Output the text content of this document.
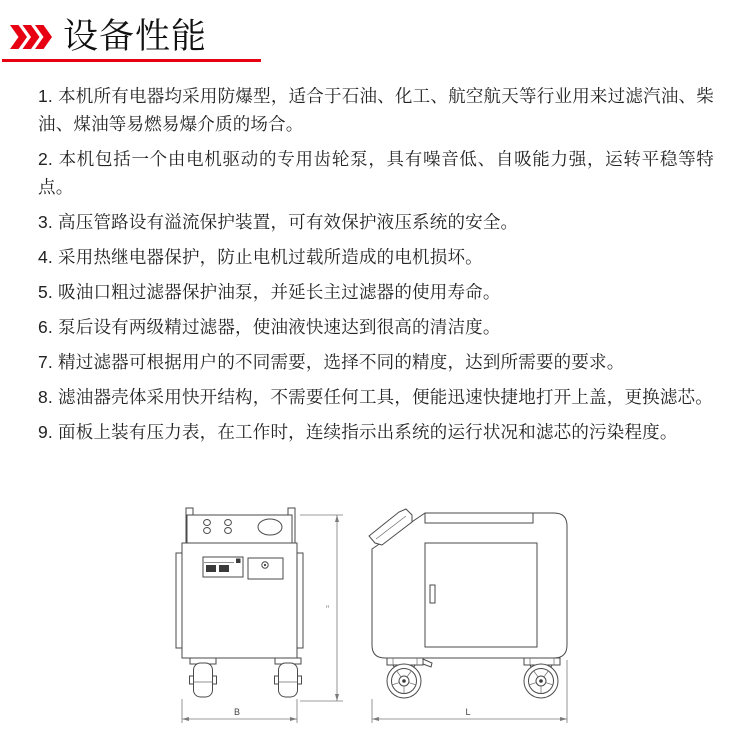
设备性能

1. 本机所有电器均采用防爆型，适合于石油、化工、航空航天等行业用来过滤汽油、柴油、煤油等易燃易爆介质的场合。

2. 本机包括一个由电机驱动的专用齿轮泵，具有噪音低、自吸能力强，运转平稳等特点。

3. 高压管路设有溢流保护装置，可有效保护液压系统的安全。

4. 采用热继电器保护，防止电机过载所造成的电机损坏。

5. 吸油口粗过滤器保护油泵，并延长主过滤器的使用寿命。

6. 泵后设有两级精过滤器，使油液快速达到很高的清洁度。

7. 精过滤器可根据用户的不同需要，选择不同的精度，达到所需要的要求。

8. 滤油器壳体采用快开结构，不需要任何工具，便能迅速快捷地打开上盖，更换滤芯。

9. 面板上装有压力表，在工作时，连续指示出系统的运行状况和滤芯的污染程度。

H
B	L
